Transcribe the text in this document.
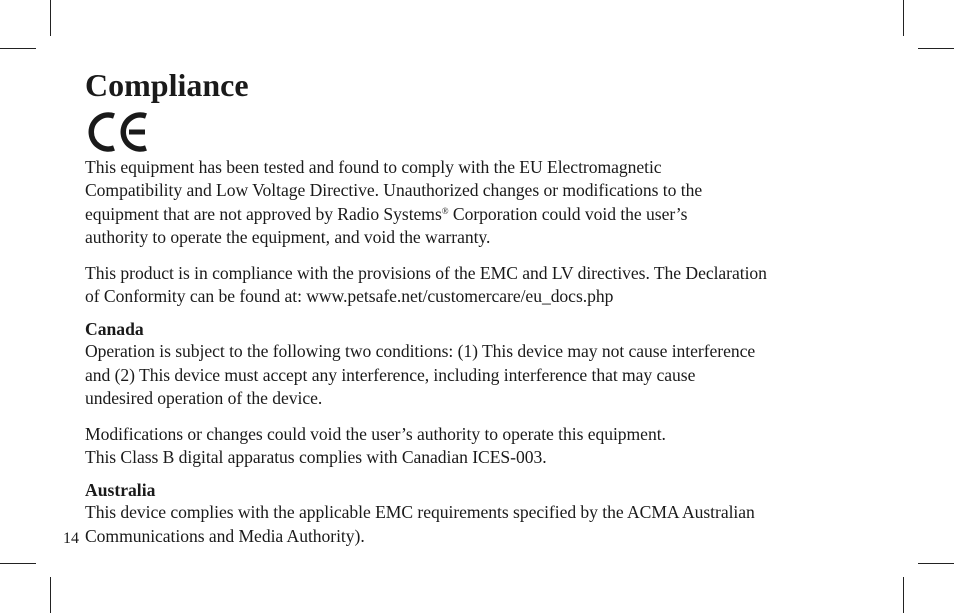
Compliance

This equipment has been tested and found to comply with the EU Electromagnetic
Compatibility and Low Voltage Directive. Unauthorized changes or modifications to the
equipment that are not approved by Radio Systems® Corporation could void the user’s
authority to operate the equipment, and void the warranty.

This product is in compliance with the provisions of the EMC and LV directives. The Declaration
of Conformity can be found at: www.petsafe.net/customercare/eu_docs.php

Canada

Operation is subject to the following two conditions: (1) This device may not cause interference
and (2) This device must accept any interference, including interference that may cause
undesired operation of the device.

Modifications or changes could void the user’s authority to operate this equipment.
This Class B digital apparatus complies with Canadian ICES-003.

Australia

This device complies with the applicable EMC requirements specified by the ACMA Australian
Communications and Media Authority).

14
